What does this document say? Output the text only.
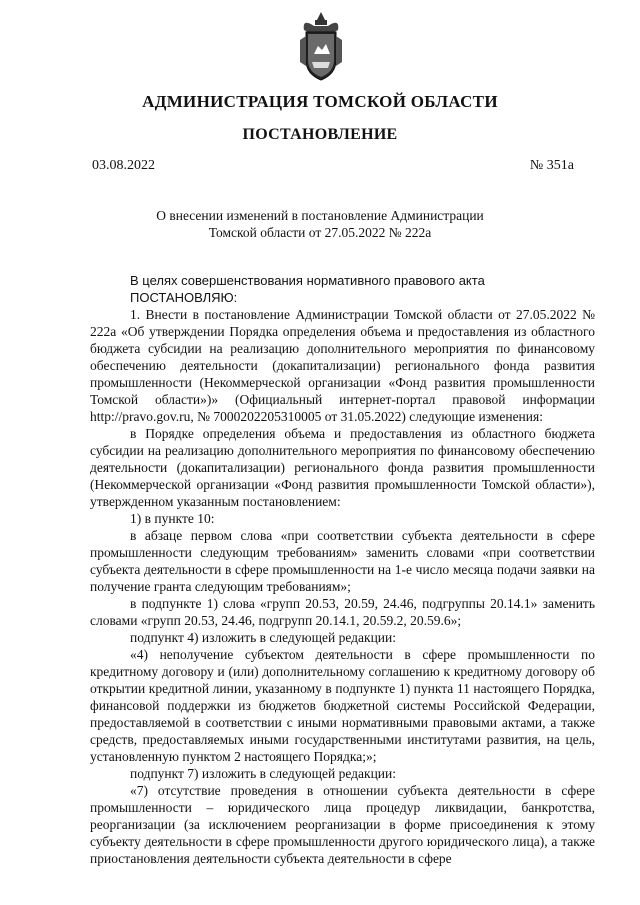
АДМИНИСТРАЦИЯ ТОМСКОЙ ОБЛАСТИ
ПОСТАНОВЛЕНИЕ
03.08.2022	№ 351а
О внесении изменений в постановление Администрации
Томской области от 27.05.2022 № 222а

В целях совершенствования нормативного правового акта

ПОСТАНОВЛЯЮ:

1. Внести в постановление Администрации Томской области от 27.05.2022 № 222а «Об утверждении Порядка определения объема и предоставления из областного бюджета субсидии на реализацию дополнительного мероприятия по финансовому обеспечению деятельности (докапитализации) регионального фонда развития промышленности (Некоммерческой организации «Фонд развития промышленности Томской области»)» (Официальный интернет-портал правовой информации http://pravo.gov.ru, № 7000202205310005 от 31.05.2022) следующие изменения:

в Порядке определения объема и предоставления из областного бюджета субсидии на реализацию дополнительного мероприятия по финансовому обеспечению деятельности (докапитализации) регионального фонда развития промышленности (Некоммерческой организации «Фонд развития промышленности Томской области»), утвержденном указанным постановлением:

1) в пункте 10:

в абзаце первом слова «при соответствии субъекта деятельности в сфере промышленности следующим требованиям» заменить словами «при соответствии субъекта деятельности в сфере промышленности на 1-е число месяца подачи заявки на получение гранта следующим требованиям»;

в подпункте 1) слова «групп 20.53, 20.59, 24.46, подгруппы 20.14.1» заменить словами «групп 20.53, 24.46, подгрупп 20.14.1, 20.59.2, 20.59.6»;

подпункт 4) изложить в следующей редакции:

«4) неполучение субъектом деятельности в сфере промышленности по кредитному договору и (или) дополнительному соглашению к кредитному договору об открытии кредитной линии, указанному в подпункте 1) пункта 11 настоящего Порядка, финансовой поддержки из бюджетов бюджетной системы Российской Федерации, предоставляемой в соответствии с иными нормативными правовыми актами, а также средств, предоставляемых иными государственными институтами развития, на цель, установленную пунктом 2 настоящего Порядка;»;

подпункт 7) изложить в следующей редакции:

«7) отсутствие проведения в отношении субъекта деятельности в сфере промышленности – юридического лица процедур ликвидации, банкротства, реорганизации (за исключением реорганизации в форме присоединения к этому субъекту деятельности в сфере промышленности другого юридического лица), а также приостановления деятельности субъекта деятельности в сфере
